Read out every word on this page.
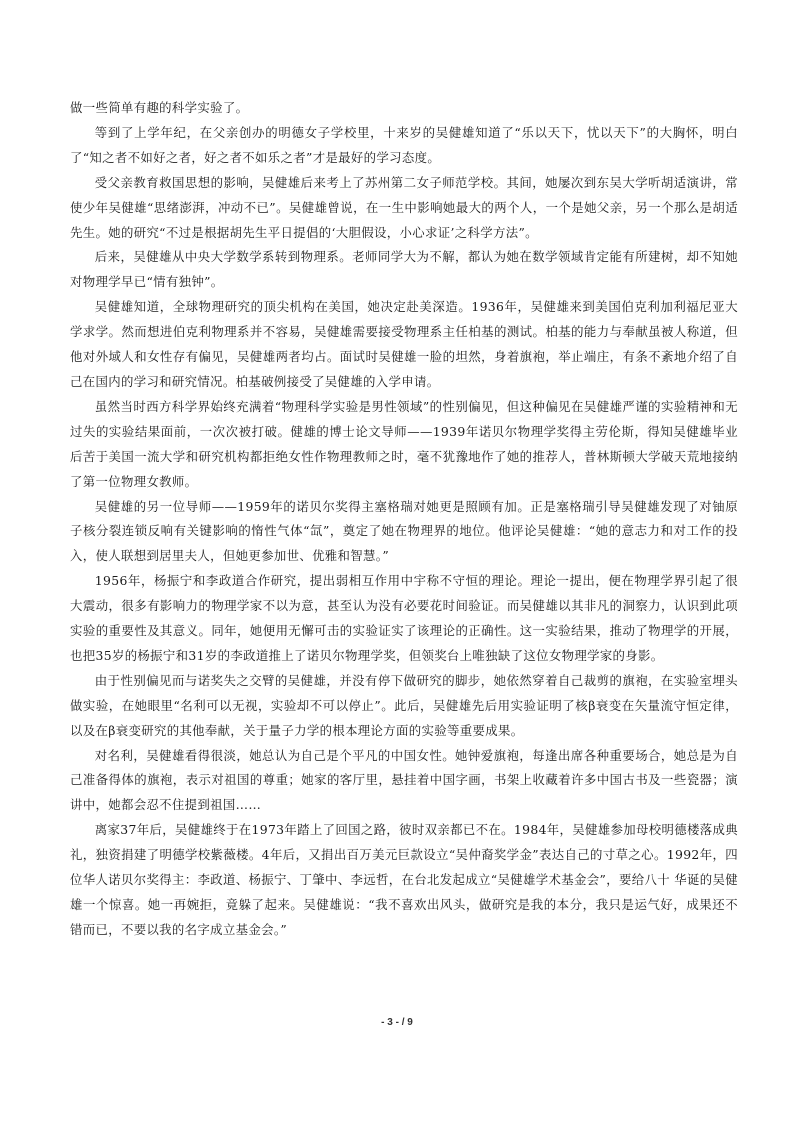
做一些简单有趣的科学实验了。

等到了上学年纪，在父亲创办的明德女子学校里，十来岁的吴健雄知道了“乐以天下，忧以天下”的大胸怀，明白了“知之者不如好之者，好之者不如乐之者”才是最好的学习态度。

受父亲教育救国思想的影响，吴健雄后来考上了苏州第二女子师范学校。其间，她屡次到东吴大学听胡适演讲，常使少年吴健雄“思绪澎湃，冲动不已”。吴健雄曾说，在一生中影响她最大的两个人，一个是她父亲，另一个那么是胡适先生。她的研究“不过是根据胡先生平日提倡的‘大胆假设，小心求证’之科学方法”。

后来，吴健雄从中央大学数学系转到物理系。老师同学大为不解，都认为她在数学领域肯定能有所建树，却不知她对物理学早已“情有独钟”。

吴健雄知道，全球物理研究的顶尖机构在美国，她决定赴美深造。1936年，吴健雄来到美国伯克利加利福尼亚大学求学。然而想进伯克利物理系并不容易，吴健雄需要接受物理系主任柏基的测试。柏基的能力与奉献虽被人称道，但他对外域人和女性存有偏见，吴健雄两者均占。面试时吴健雄一脸的坦然，身着旗袍，举止端庄，有条不紊地介绍了自己在国内的学习和研究情况。柏基破例接受了吴健雄的入学申请。

虽然当时西方科学界始终充满着“物理科学实验是男性领域”的性别偏见，但这种偏见在吴健雄严谨的实验精神和无过失的实验结果面前，一次次被打破。健雄的博士论文导师——1939年诺贝尔物理学奖得主劳伦斯，得知吴健雄毕业后苦于美国一流大学和研究机构都拒绝女性作物理教师之时，毫不犹豫地作了她的推荐人，普林斯顿大学破天荒地接纳了第一位物理女教师。

吴健雄的另一位导师——1959年的诺贝尔奖得主塞格瑞对她更是照顾有加。正是塞格瑞引导吴健雄发现了对铀原子核分裂连锁反响有关键影响的惰性气体“氙”，奠定了她在物理界的地位。他评论吴健雄：“她的意志力和对工作的投入，使人联想到居里夫人，但她更参加世、优雅和智慧。”

1956年，杨振宁和李政道合作研究，提出弱相互作用中宇称不守恒的理论。理论一提出，便在物理学界引起了很大震动，很多有影响力的物理学家不以为意，甚至认为没有必要花时间验证。而吴健雄以其非凡的洞察力，认识到此项实验的重要性及其意义。同年，她便用无懈可击的实验证实了该理论的正确性。这一实验结果，推动了物理学的开展，也把35岁的杨振宁和31岁的李政道推上了诺贝尔物理学奖，但领奖台上唯独缺了这位女物理学家的身影。

由于性别偏见而与诺奖失之交臂的吴健雄，并没有停下做研究的脚步，她依然穿着自己裁剪的旗袍，在实验室埋头做实验，在她眼里“名利可以无视，实验却不可以停止”。此后，吴健雄先后用实验证明了核β衰变在矢量流守恒定律，以及在β衰变研究的其他奉献，关于量子力学的根本理论方面的实验等重要成果。

对名利，吴健雄看得很淡，她总认为自己是个平凡的中国女性。她钟爱旗袍，每逢出席各种重要场合，她总是为自己准备得体的旗袍，表示对祖国的尊重；她家的客厅里，悬挂着中国字画，书架上收藏着许多中国古书及一些瓷器；演讲中，她都会忍不住提到祖国……

离家37年后，吴健雄终于在1973年踏上了回国之路，彼时双亲都已不在。1984年，吴健雄参加母校明德楼落成典礼，独资捐建了明德学校紫薇楼。4年后，又捐出百万美元巨款设立“吴仲裔奖学金”表达自己的寸草之心。1992年，四位华人诺贝尔奖得主：李政道、杨振宁、丁肇中、李远哲，在台北发起成立“吴健雄学术基金会”，要给八十 华诞的吴健雄一个惊喜。她一再婉拒，竟躲了起来。吴健雄说：“我不喜欢出风头，做研究是我的本分，我只是运气好，成果还不错而已，不要以我的名字成立基金会。”

- 3 - / 9
